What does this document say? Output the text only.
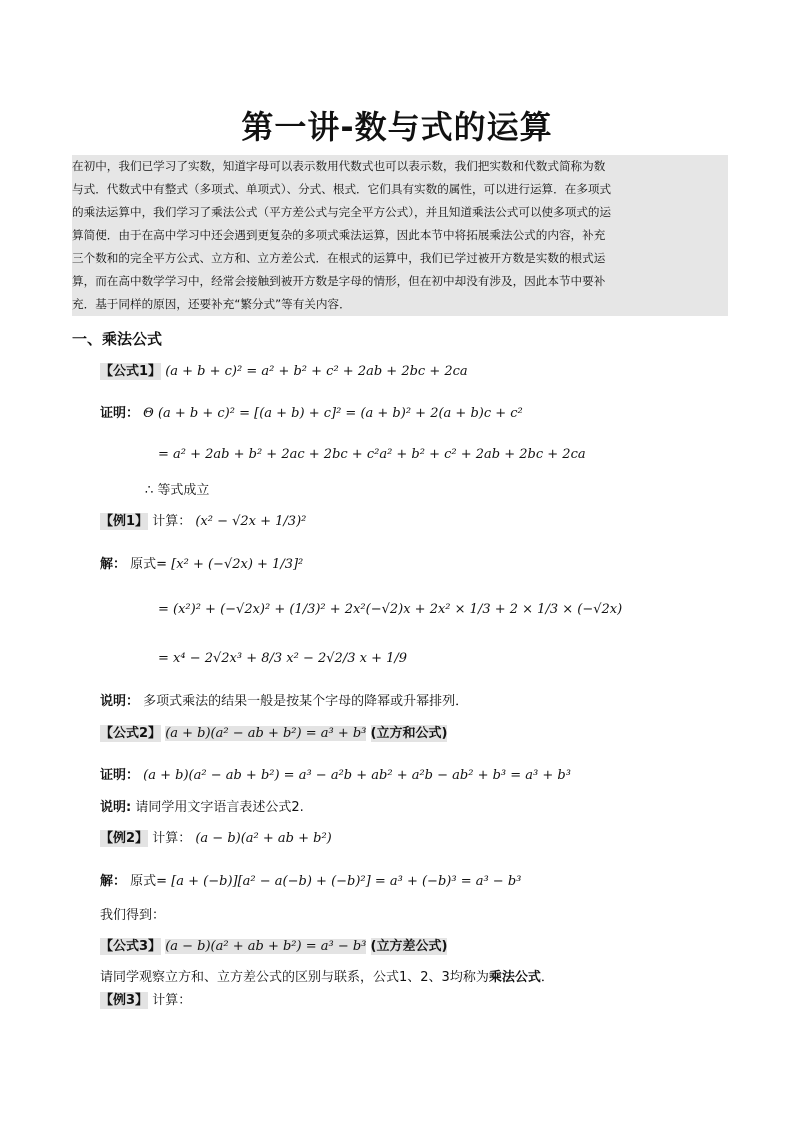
第一讲-数与式的运算
在初中，我们已学习了实数，知道字母可以表示数用代数式也可以表示数，我们把实数和代数式简称为数
与式．代数式中有整式（多项式、单项式）、分式、根式．它们具有实数的属性，可以进行运算．在多项式
的乘法运算中，我们学习了乘法公式（平方差公式与完全平方公式），并且知道乘法公式可以使多项式的运
算简便．由于在高中学习中还会遇到更复杂的多项式乘法运算，因此本节中将拓展乘法公式的内容，补充
三个数和的完全平方公式、立方和、立方差公式．在根式的运算中，我们已学过被开方数是实数的根式运
算，而在高中数学学习中，经常会接触到被开方数是字母的情形，但在初中却没有涉及，因此本节中要补
充．基于同样的原因，还要补充“繁分式”等有关内容．
一、乘法公式
【公式1】 (a + b + c)² = a² + b² + c² + 2ab + 2bc + 2ca
证明： Θ (a + b + c)² = [(a + b) + c]² = (a + b)² + 2(a + b)c + c²
= a² + 2ab + b² + 2ac + 2bc + c²a² + b² + c² + 2ab + 2bc + 2ca
∴ 等式成立
【例1】 计算： (x² − √2x + 1/3)²
解： 原式= [x² + (−√2x) + 1/3]²
= (x²)² + (−√2x)² + (1/3)² + 2x²(−√2)x + 2x² × 1/3 + 2 × 1/3 × (−√2x)
= x⁴ − 2√2x³ + 8/3 x² − 2√2/3 x + 1/9
说明： 多项式乘法的结果一般是按某个字母的降幂或升幂排列．
【公式2】 (a + b)(a² − ab + b²) = a³ + b³ (立方和公式)
证明： (a + b)(a² − ab + b²) = a³ − a²b + ab² + a²b − ab² + b³ = a³ + b³
说明: 请同学用文字语言表述公式2.
【例2】 计算： (a − b)(a² + ab + b²)
解： 原式= [a + (−b)][a² − a(−b) + (−b)²] = a³ + (−b)³ = a³ − b³
我们得到：
【公式3】 (a − b)(a² + ab + b²) = a³ − b³ (立方差公式)
请同学观察立方和、立方差公式的区别与联系，公式1、2、3均称为乘法公式．
【例3】 计算：
